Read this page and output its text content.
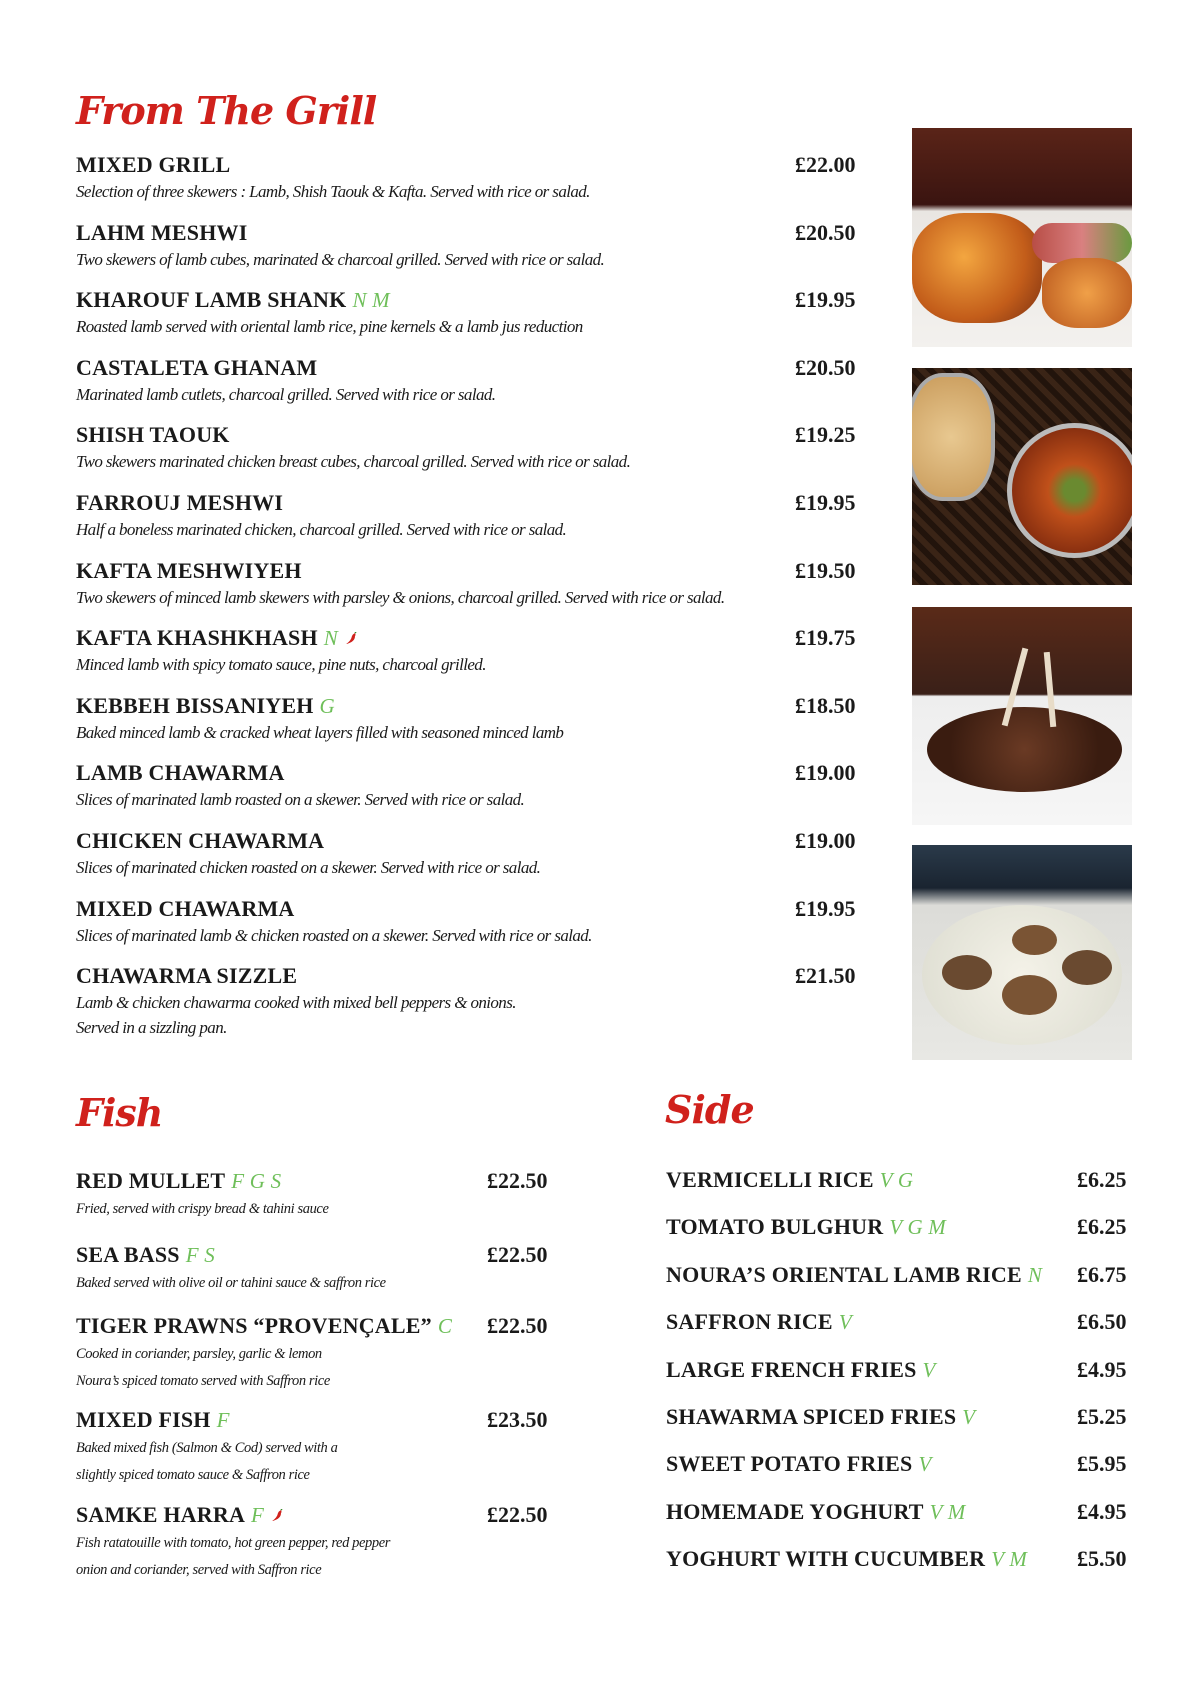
From The Grill
Fish	Side
MIXED GRILL
Selection of three skewers : Lamb, Shish Taouk & Kafta. Served with rice or salad.
£22.00
LAHM MESHWI
Two skewers of lamb cubes, marinated & charcoal grilled. Served with rice or salad.
£20.50
KHAROUF LAMB SHANK N M
Roasted lamb served with oriental lamb rice, pine kernels & a lamb jus reduction
£19.95
CASTALETA GHANAM
Marinated lamb cutlets, charcoal grilled. Served with rice or salad.
£20.50
SHISH TAOUK
Two skewers marinated chicken breast cubes, charcoal grilled. Served with rice or salad.
£19.25
FARROUJ MESHWI
Half a boneless marinated chicken, charcoal grilled. Served with rice or salad.
£19.95
KAFTA MESHWIYEH
Two skewers of minced lamb skewers with parsley & onions, charcoal grilled. Served with rice or salad.
£19.50
KAFTA KHASHKHASH N
Minced lamb with spicy tomato sauce, pine nuts, charcoal grilled.
£19.75
KEBBEH BISSANIYEH G
Baked minced lamb & cracked wheat layers filled with seasoned minced lamb
£18.50
LAMB CHAWARMA
Slices of marinated lamb roasted on a skewer. Served with rice or salad.
£19.00
CHICKEN CHAWARMA
Slices of marinated chicken roasted on a skewer. Served with rice or salad.
£19.00
MIXED CHAWARMA
Slices of marinated lamb & chicken roasted on a skewer. Served with rice or salad.
£19.95
CHAWARMA SIZZLE
Lamb & chicken chawarma cooked with mixed bell peppers & onions.
Served in a sizzling pan.
£21.50
RED MULLET F G S
Fried, served with crispy bread & tahini sauce
£22.50
SEA BASS F S
Baked served with olive oil or tahini sauce & saffron rice
£22.50
TIGER PRAWNS “PROVENÇALE” C
Cooked in coriander, parsley, garlic & lemon
Noura’s spiced tomato served with Saffron rice
£22.50
MIXED FISH F
Baked mixed fish (Salmon & Cod) served with a
slightly spiced tomato sauce & Saffron rice
£23.50
SAMKE HARRA F
Fish ratatouille with tomato, hot green pepper, red pepper
onion and coriander, served with Saffron rice
£22.50
VERMICELLI RICE V G	£6.25
TOMATO BULGHUR V G M	£6.25
NOURA’S ORIENTAL LAMB RICE N £6.75
SAFFRON RICE V	£6.50
LARGE FRENCH FRIES V	£4.95
SHAWARMA SPICED FRIES V	£5.25
SWEET POTATO FRIES V	£5.95
HOMEMADE YOGHURT V M	£4.95
YOGHURT WITH CUCUMBER V M £5.50
